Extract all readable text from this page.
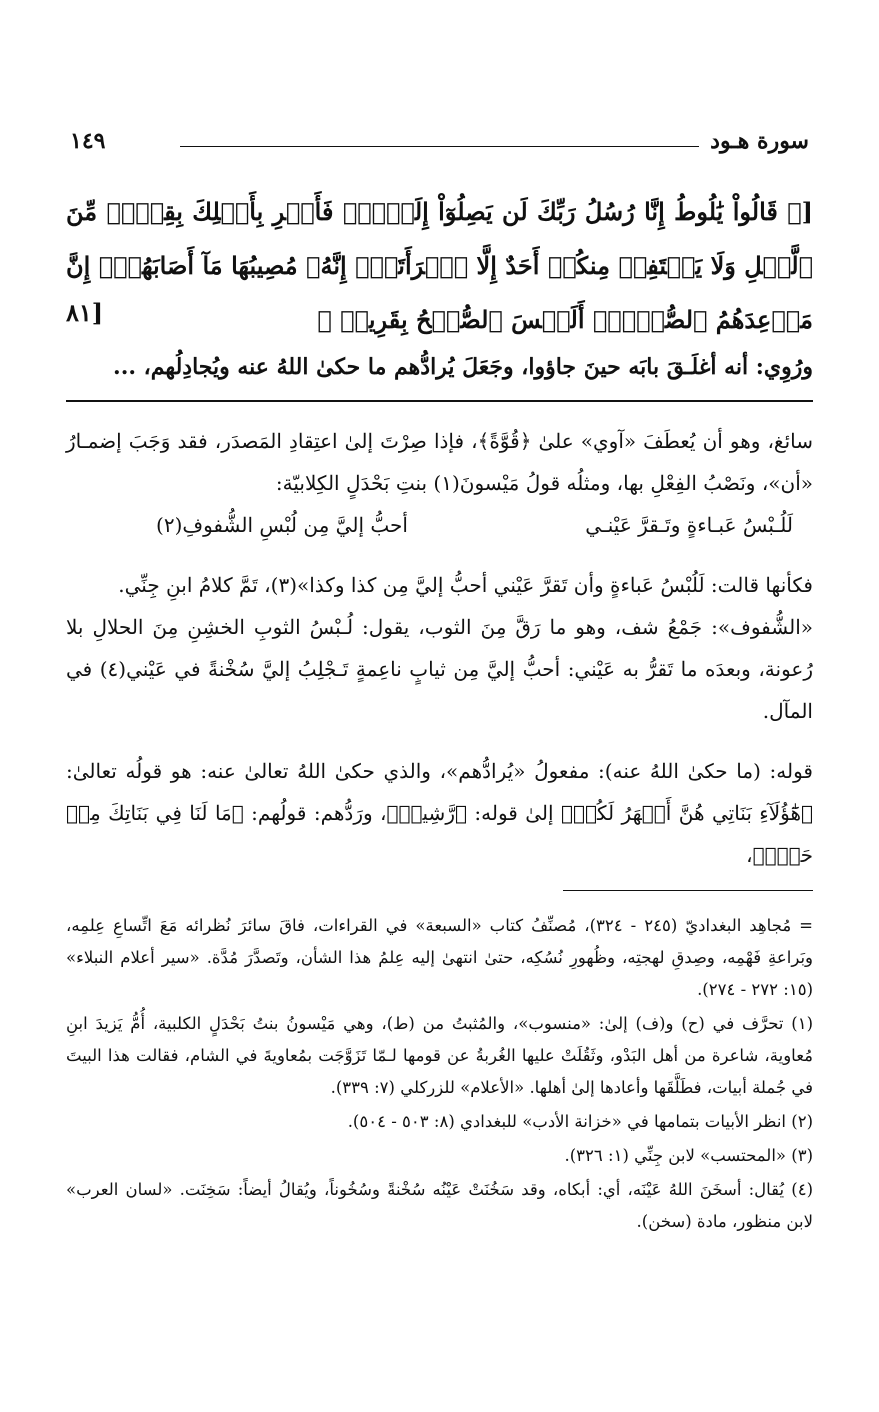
سورة هـود
١٤٩
[﴿ قَالُواْ يَٰلُوطُ إِنَّا رُسُلُ رَبِّكَ لَن يَصِلُوٓاْ إِلَيۡكَۖ فَأَسۡرِ بِأَهۡلِكَ بِقِطۡعٖ مِّنَ ٱلَّيۡلِ وَلَا يَلۡتَفِتۡ مِنكُمۡ أَحَدٌ إِلَّا ٱمۡرَأَتَكَۖ إِنَّهُۥ مُصِيبُهَا مَآ أَصَابَهُمۡۚ إِنَّ مَوۡعِدَهُمُ ٱلصُّبۡحُۚ أَلَيۡسَ ٱلصُّبۡحُ بِقَرِيبٖ ﴾
[٨١
ورُوِي: أنه أغلَـقَ بابَه حينَ جاؤوا، وجَعَلَ يُرادُّهم ما حكىٰ اللهُ عنه ويُجادِلُهم، ...

سائغ، وهو أن يُعطَفَ «آوي» علىٰ ﴿قُوَّةً﴾، فإذا صِرْتَ إلىٰ اعتِقادِ المَصدَر، فقد وَجَبَ إضمـارُ «أن»، ونَصْبُ الفِعْلِ بها، ومثلُه قولُ مَيْسونَ(١) بنتِ بَحْدَلٍ الكِلابيّة:

لَلُـبْسُ عَبـاءةٍ وتَـقرَّ عَيْنـي
أحبُّ إليَّ مِن لُبْسِ الشُّفوفِ(٢)

فكأنها قالت: لَلُبْسُ عَباءةٍ وأن تَقرَّ عَيْني أحبُّ إليَّ مِن كذا وكذا»(٣)، تَمَّ كلامُ ابنِ جِنِّي.

«الشُّفوف»: جَمْعُ شف، وهو ما رَقَّ مِنَ الثوب، يقول: لُـبْسُ الثوبِ الخشِنِ مِنَ الحلالِ بلا رُعونة، وبعدَه ما تَقرُّ به عَيْني: أحبُّ إليَّ مِن ثيابٍ ناعِمةٍ تَـجْلِبُ إليَّ سُخْنةً في عَيْني(٤) في المآل.

قوله: (ما حكىٰ اللهُ عنه): مفعولُ «يُرادُّهم»، والذي حكىٰ اللهُ تعالىٰ عنه: هو قولُه تعالىٰ: ﴿هَٰٓؤُلَآءِ بَنَاتِي هُنَّ أَطۡهَرُ لَكُمۡ﴾ إلىٰ قوله: ﴿رَّشِيدٞ﴾، ورَدُّهم: قولُهم: ﴿مَا لَنَا فِي بَنَاتِكَ مِنۡ حَقّٖ﴾،

= مُجاهِد البغداديّ (٢٤٥ - ٣٢٤)، مُصنِّفُ كتاب «السبعة» في القراءات، فاقَ سائرَ نُظرائه مَعَ اتِّساعِ عِلمِه، وبَراعةِ فَهْمِه، وصِدقِ لهجتِه، وظُهورِ نُسُكِه، حتىٰ انتهىٰ إليه عِلمُ هذا الشأن، وتَصدَّرَ مُدَّة. «سير أعلام النبلاء» (١٥: ٢٧٢ - ٢٧٤).

(١) تحرَّف في (ح) و(ف) إلىٰ: «منسوب»، والمُثبتُ من (ط)، وهي مَيْسونُ بنتُ بَحْدَلٍ الكلبية، أُمُّ يَزيدَ ابنِ مُعاوية، شاعرة من أهل البَدْو، وثَقُلَتْ عليها الغُربةُ عن قومها لـمّا تَزَوَّجَت بمُعاويةَ في الشام، فقالت هذا البيتَ في جُملة أبيات، فطَلَّقَها وأعادها إلىٰ أهلها. «الأعلام» للزركلي (٧: ٣٣٩).

(٢) انظر الأبيات بتمامها في «خزانة الأدب» للبغدادي (٨: ٥٠٣ - ٥٠٤).

(٣) «المحتسب» لابن جِنِّي (١: ٣٢٦).

(٤) يُقال: أسخَنَ اللهُ عَيْنَه، أي: أبكاه، وقد سَخُنَتْ عَيْنُه سُخْنةً وسُخُوناً، ويُقالُ أيضاً: سَخِنَت. «لسان العرب» لابن منظور، مادة (سخن).
